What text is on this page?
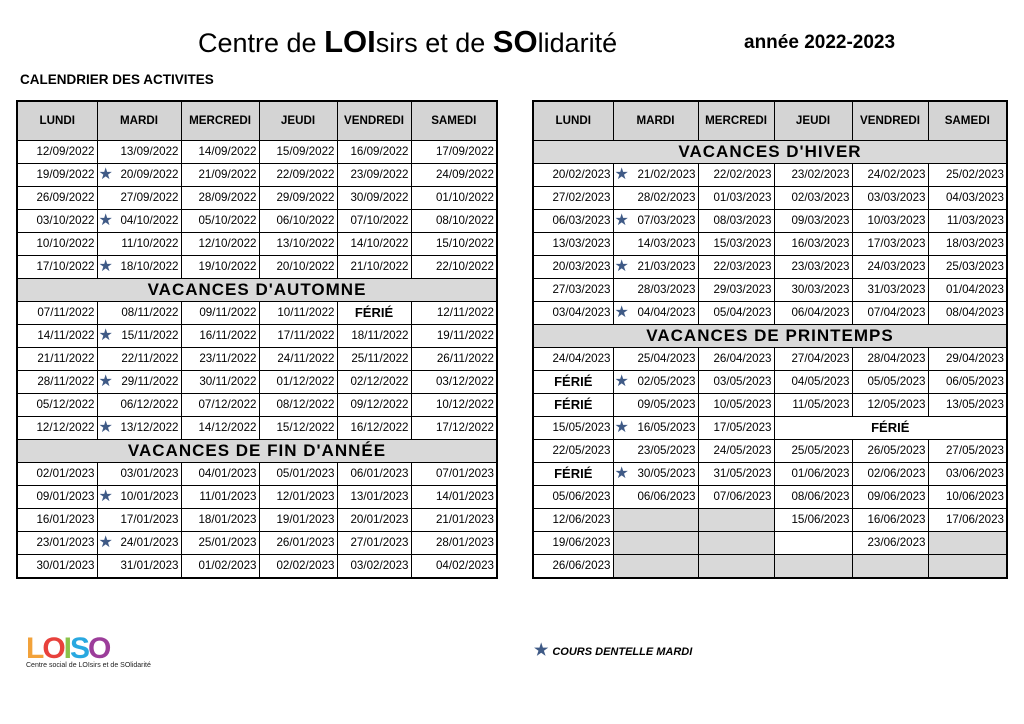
Centre de LOIsirs et de SOlidarité	année 2022-2023
CALENDRIER DES ACTIVITES
LUNDI	MARDI	MERCREDI	JEUDI	VENDREDI	SAMEDI
12/09/2022	13/09/2022	14/09/2022	15/09/2022	16/09/2022	17/09/2022
19/09/2022	★ 20/09/2022	21/09/2022	22/09/2022	23/09/2022	24/09/2022
26/09/2022	27/09/2022	28/09/2022	29/09/2022	30/09/2022	01/10/2022
03/10/2022	★ 04/10/2022	05/10/2022	06/10/2022	07/10/2022	08/10/2022
10/10/2022	11/10/2022	12/10/2022	13/10/2022	14/10/2022	15/10/2022
17/10/2022	★ 18/10/2022	19/10/2022	20/10/2022	21/10/2022	22/10/2022
VACANCES D'AUTOMNE					
07/11/2022	08/11/2022	09/11/2022	10/11/2022	FÉRIÉ	12/11/2022
14/11/2022	★ 15/11/2022	16/11/2022	17/11/2022	18/11/2022	19/11/2022
21/11/2022	22/11/2022	23/11/2022	24/11/2022	25/11/2022	26/11/2022
28/11/2022	★ 29/11/2022	30/11/2022	01/12/2022	02/12/2022	03/12/2022
05/12/2022	06/12/2022	07/12/2022	08/12/2022	09/12/2022	10/12/2022
12/12/2022	★ 13/12/2022	14/12/2022	15/12/2022	16/12/2022	17/12/2022
VACANCES DE FIN D'ANNÉE					
02/01/2023	03/01/2023	04/01/2023	05/01/2023	06/01/2023	07/01/2023
09/01/2023	★ 10/01/2023	11/01/2023	12/01/2023	13/01/2023	14/01/2023
16/01/2023	17/01/2023	18/01/2023	19/01/2023	20/01/2023	21/01/2023
23/01/2023	★ 24/01/2023	25/01/2023	26/01/2023	27/01/2023	28/01/2023
30/01/2023	31/01/2023	01/02/2023	02/02/2023	03/02/2023	04/02/2023
LUNDI	MARDI	MERCREDI	JEUDI	VENDREDI	SAMEDI
VACANCES D'HIVER					
20/02/2023	★ 21/02/2023	22/02/2023	23/02/2023	24/02/2023	25/02/2023
27/02/2023	28/02/2023	01/03/2023	02/03/2023	03/03/2023	04/03/2023
06/03/2023	★ 07/03/2023	08/03/2023	09/03/2023	10/03/2023	11/03/2023
13/03/2023	14/03/2023	15/03/2023	16/03/2023	17/03/2023	18/03/2023
20/03/2023	★ 21/03/2023	22/03/2023	23/03/2023	24/03/2023	25/03/2023
27/03/2023	28/03/2023	29/03/2023	30/03/2023	31/03/2023	01/04/2023
03/04/2023	★ 04/04/2023	05/04/2023	06/04/2023	07/04/2023	08/04/2023
VACANCES DE PRINTEMPS					
24/04/2023	25/04/2023	26/04/2023	27/04/2023	28/04/2023	29/04/2023
FÉRIÉ	★ 02/05/2023	03/05/2023	04/05/2023	05/05/2023	06/05/2023
FÉRIÉ	09/05/2023	10/05/2023	11/05/2023	12/05/2023	13/05/2023
15/05/2023	★ 16/05/2023	17/05/2023	FÉRIÉ		
22/05/2023	23/05/2023	24/05/2023	25/05/2023	26/05/2023	27/05/2023
FÉRIÉ	★ 30/05/2023	31/05/2023	01/06/2023	02/06/2023	03/06/2023
05/06/2023	06/06/2023	07/06/2023	08/06/2023	09/06/2023	10/06/2023
12/06/2023			15/06/2023	16/06/2023	17/06/2023
19/06/2023				23/06/2023	
26/06/2023					
L
O
I
S
O
Centre social de LOIsirs et de SOlidarité
★ COURS DENTELLE MARDI
